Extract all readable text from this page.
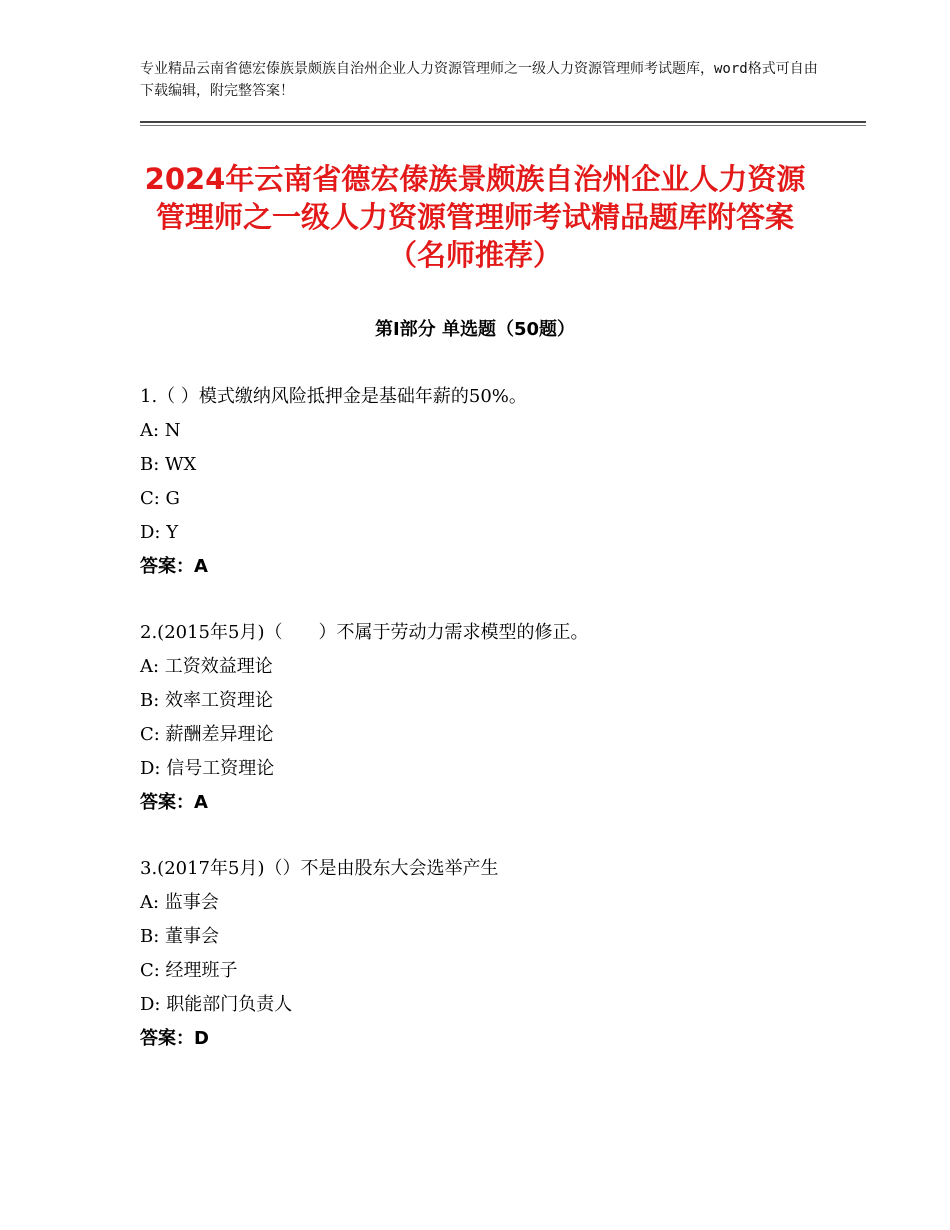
专业精品云南省德宏傣族景颇族自治州企业人力资源管理师之一级人力资源管理师考试题库，word格式可自由下载编辑，附完整答案！
2024年云南省德宏傣族景颇族自治州企业人力资源管理师之一级人力资源管理师考试精品题库附答案（名师推荐）
第Ⅰ部分 单选题（50题）
1.（ ）模式缴纳风险抵押金是基础年薪的50%。
A: N
B: WX
C: G
D: Y
答案：A
2.(2015年5月)（　　）不属于劳动力需求模型的修正。
A: 工资效益理论
B: 效率工资理论
C: 薪酬差异理论
D: 信号工资理论
答案：A
3.(2017年5月)（）不是由股东大会选举产生
A: 监事会
B: 董事会
C: 经理班子
D: 职能部门负责人
答案：D
